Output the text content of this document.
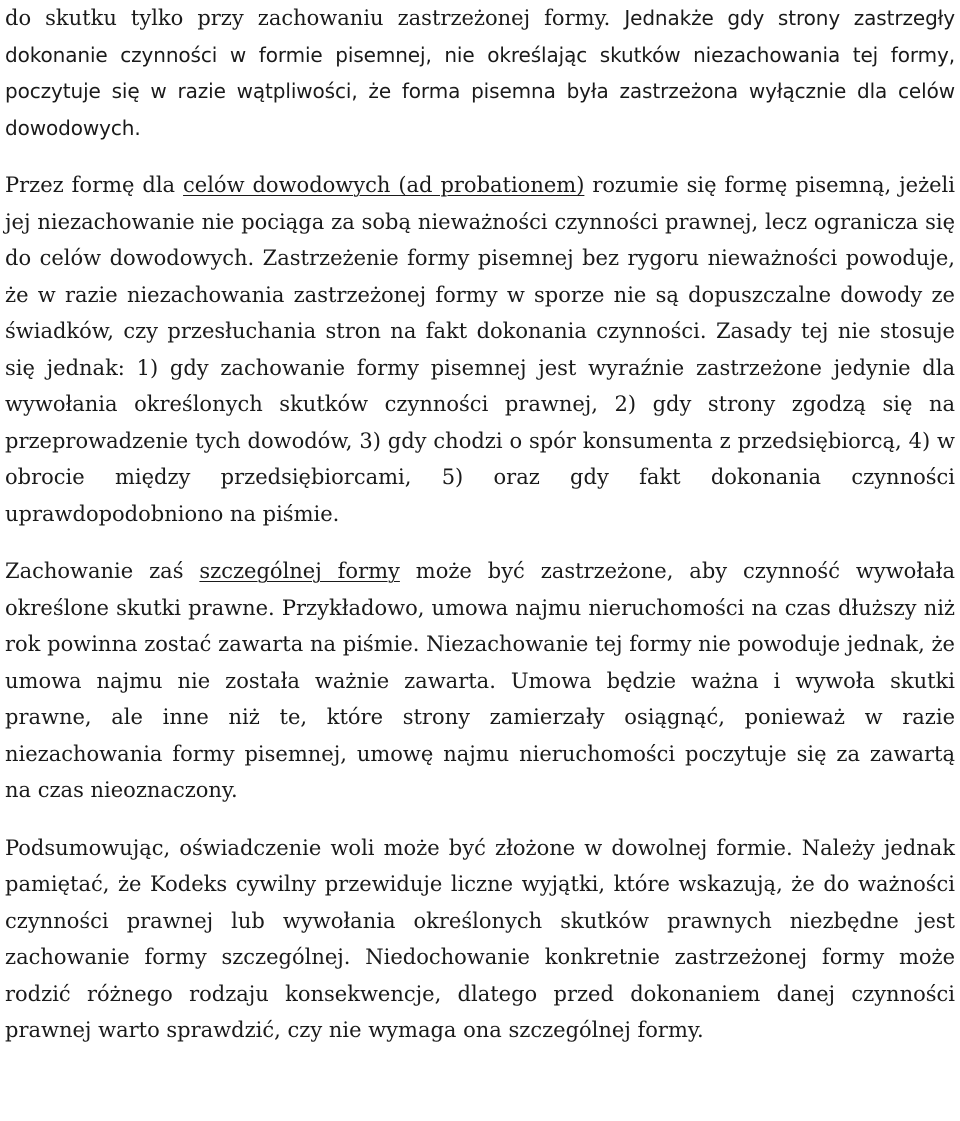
do skutku tylko przy zachowaniu zastrzeżonej formy. Jednakże gdy strony zastrzegły dokonanie czynności w formie pisemnej, nie określając skutków niezachowania tej formy, poczytuje się w razie wątpliwości, że forma pisemna była zastrzeżona wyłącznie dla celów dowodowych.

Przez formę dla celów dowodowych (ad probationem) rozumie się formę pisemną, jeżeli jej niezachowanie nie pociąga za sobą nieważności czynności prawnej, lecz ogranicza się do celów dowodowych. Zastrzeżenie formy pisemnej bez rygoru nieważności powoduje, że w razie niezachowania zastrzeżonej formy w sporze nie są dopuszczalne dowody ze świadków, czy przesłuchania stron na fakt dokonania czynności. Zasady tej nie stosuje się jednak: 1) gdy zachowanie formy pisemnej jest wyraźnie zastrzeżone jedynie dla wywołania określonych skutków czynności prawnej, 2) gdy strony zgodzą się na przeprowadzenie tych dowodów, 3) gdy chodzi o spór konsumenta z przedsiębiorcą, 4) w obrocie między przedsiębiorcami, 5) oraz gdy fakt dokonania czynności uprawdopodobniono na piśmie.

Zachowanie zaś szczególnej formy może być zastrzeżone, aby czynność wywołała określone skutki prawne. Przykładowo, umowa najmu nieruchomości na czas dłuższy niż rok powinna zostać zawarta na piśmie. Niezachowanie tej formy nie powoduje jednak, że umowa najmu nie została ważnie zawarta. Umowa będzie ważna i wywoła skutki prawne, ale inne niż te, które strony zamierzały osiągnąć, ponieważ w razie niezachowania formy pisemnej, umowę najmu nieruchomości poczytuje się za zawartą na czas nieoznaczony.

Podsumowując, oświadczenie woli może być złożone w dowolnej formie. Należy jednak pamiętać, że Kodeks cywilny przewiduje liczne wyjątki, które wskazują, że do ważności czynności prawnej lub wywołania określonych skutków prawnych niezbędne jest zachowanie formy szczególnej. Niedochowanie konkretnie zastrzeżonej formy może rodzić różnego rodzaju konsekwencje, dlatego przed dokonaniem danej czynności prawnej warto sprawdzić, czy nie wymaga ona szczególnej formy.
